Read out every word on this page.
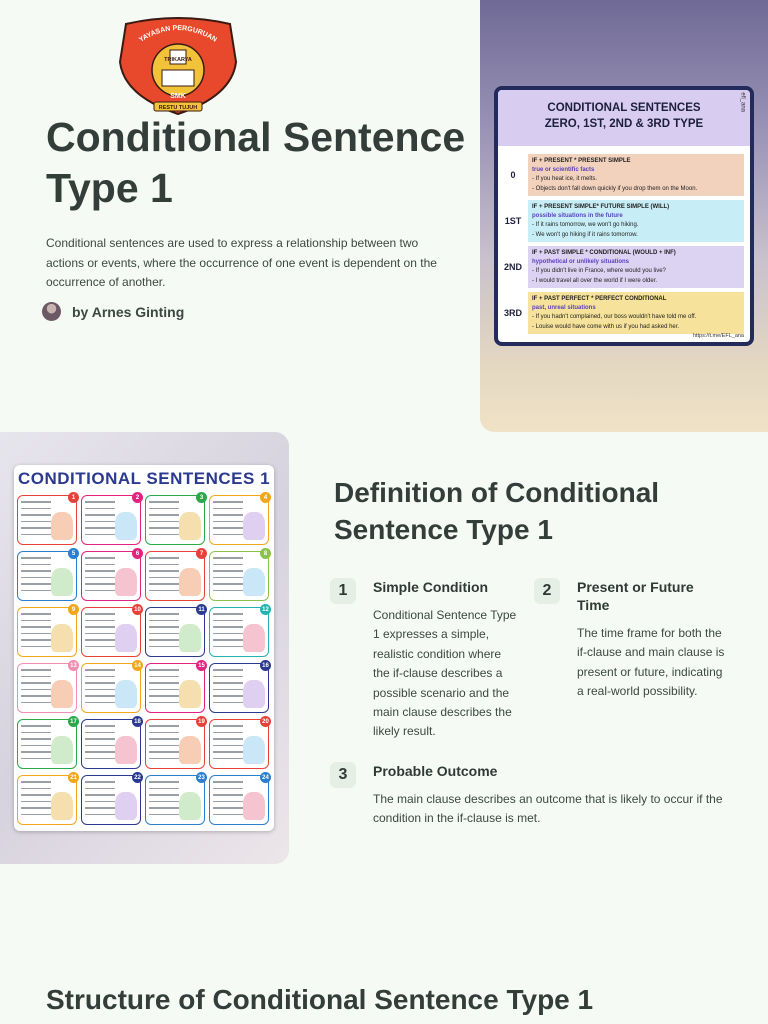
YAYASAN PERGURUAN
TRIKARYA
SMK
RESTU TUJUH
Conditional Sentence Type 1

Conditional sentences are used to express a relationship between two actions or events, where the occurrence of one event is dependent on the occurrence of another.

by Arnes Ginting
CONDITIONAL SENTENCES
ZERO, 1ST, 2ND & 3RD TYPE
efl_ana
0
IF + PRESENT * PRESENT SIMPLE
true or scientific facts
- If you heat ice, it melts.
- Objects don't fall down quickly if you drop them on the Moon.
1ST
IF + PRESENT SIMPLE* FUTURE SIMPLE (WILL)
possible situations in the future
- If it rains tomorrow, we won't go hiking.
- We won't go hiking if it rains tomorrow.
2ND
IF + PAST SIMPLE * CONDITIONAL (WOULD + INF)
hypothetical or unlikely situations
- If you didn't live in France, where would you live?
- I would travel all over the world if I were older.
3RD
IF + PAST PERFECT * PERFECT CONDITIONAL
past, unreal situations
- If you hadn't complained, our boss wouldn't have told me off.
- Louise would have come with us if you had asked her.
https://t.me/EFL_ana
CONDITIONAL SENTENCES 1
1	2	3	4
5	6	7	8
9	10	11	12
13	14	15	16
17	18	19	20
21	22	23	24
Definition of Conditional Sentence Type 1
1	Simple Condition
Conditional Sentence Type 1 expresses a simple, realistic condition where the if-clause describes a possible scenario and the main clause describes the likely result.
2	Present or Future Time
The time frame for both the if-clause and main clause is present or future, indicating a real-world possibility.
3	Probable Outcome
The main clause describes an outcome that is likely to occur if the condition in the if-clause is met.
Structure of Conditional Sentence Type 1
